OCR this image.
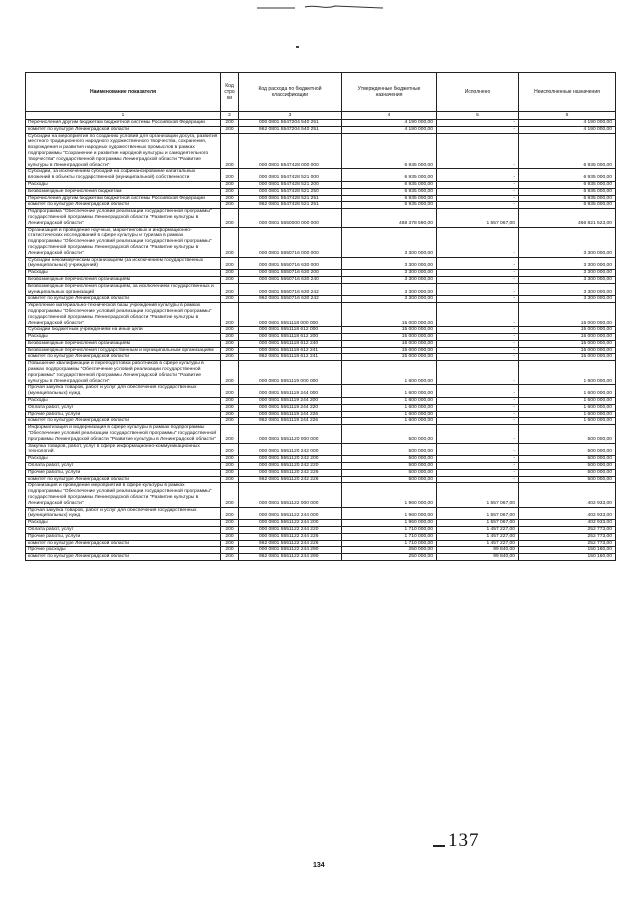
Наименование показателя	Код стро ки	Код расхода по бюджетной классификации	Утвержденные бюджетные назначения	Исполнено	Неисполненные назначения
1	2	3	4	5	6
Перечисления другим бюджетам бюджетной системы Российской Федерации	200	000 0801 5547204 540 251	4 190 000,00	-	4 190 000,00
комитет по культуре Ленинградской области	200	962 0801 5547204 540 251	4 190 000,00	-	4 190 000,00
Субсидии на мероприятия по созданию условий для организации досуга, развития местного традиционного народного художественного творчества, сохранения, возрождения и развития народных художественных промыслов в рамках подпрограммы "Сохранение и развитие народной культуры и самодеятельного творчества" государственной программы Ленинградской области "Развитие культуры в Ленинградской области"	200	000 0801 5547428 000 000	6 935 000,00	-	6 935 000,00
Субсидии, за исключением субсидий на софинансирование капитальных вложений в объекты государственной (муниципальной) собственности	200	000 0801 5547428 521 000	6 935 000,00	-	6 935 000,00
Расходы	200	000 0801 5547428 521 200	6 935 000,00	-	6 935 000,00
Безвозмездные перечисления бюджетам	200	000 0801 5547428 521 250	6 935 000,00	-	6 935 000,00
Перечисления другим бюджетам бюджетной системы Российской Федерации	200	000 0801 5547428 521 251	6 935 000,00	-	6 935 000,00
комитет по культуре Ленинградской области	200	962 0801 5547428 521 251	6 935 000,00	-	6 935 000,00
Подпрограмма "Обеспечение условий реализации государственной программы" государственной программы Ленинградской области "Развитие культуры в Ленинградской области"	200	000 0801 5550000 000 000	468 378 590,00	1 557 067,00	466 821 523,00
Организация и проведение научных, маркетинговых и информационно-статистических исследований в сфере культуры и туризма в рамках подпрограммы "Обеспечение условий реализации государственной программы" государственной программы Ленинградской области "Развитие культуры в Ленинградской области"	200	000 0801 5550716 000 000	3 300 000,00	-	3 300 000,00
Субсидии некоммерческим организациям (за исключением государственных (муниципальных) учреждений)	200	000 0801 5550716 630 000	3 300 000,00	-	3 300 000,00
Расходы	200	000 0801 5550716 630 200	3 300 000,00	-	3 300 000,00
Безвозмездные перечисления организациям	200	000 0801 5550716 630 240	3 300 000,00	-	3 300 000,00
Безвозмездные перечисления организациям, за исключением государственных и муниципальных организаций	200	000 0801 5550716 630 242	3 300 000,00	-	3 300 000,00
комитет по культуре Ленинградской области	200	962 0801 5550716 630 242	3 300 000,00	-	3 300 000,00
Укрепление материально-технической базы учреждений культуры в рамках подпрограммы "Обеспечение условий реализации государственной программы" государственной программы Ленинградской области "Развитие культуры в Ленинградской области"	200	000 0801 5551118 000 000	15 000 000,00	-	15 000 000,00
Субсидии бюджетным учреждениям на иные цели	200	000 0801 5551118 612 000	15 000 000,00	-	15 000 000,00
Расходы	200	000 0801 5551118 612 200	15 000 000,00	-	15 000 000,00
Безвозмездные перечисления организациям	200	000 0801 5551118 612 240	15 000 000,00	-	15 000 000,00
Безвозмездные перечисления государственным и муниципальным организациям	200	000 0801 5551118 612 241	15 000 000,00	-	15 000 000,00
комитет по культуре Ленинградской области	200	962 0801 5551118 612 241	15 000 000,00	-	15 000 000,00
Повышение квалификации и переподготовка работников в сфере культуры в рамках подпрограммы "Обеспечение условий реализации государственной программы" государственной программы Ленинградской области "Развитие культуры в Ленинградской области"	200	000 0801 5551119 000 000	1 600 000,00	-	1 600 000,00
Прочая закупка товаров, работ и услуг для обеспечения государственных (муниципальных) нужд	200	000 0801 5551119 244 000	1 600 000,00	-	1 600 000,00
Расходы	200	000 0801 5551119 244 200	1 600 000,00	-	1 600 000,00
Оплата работ, услуг	200	000 0801 5551119 244 220	1 600 000,00	-	1 600 000,00
Прочие работы, услуги	200	000 0801 5551119 244 226	1 600 000,00	-	1 600 000,00
комитет по культуре Ленинградской области	200	962 0801 5551119 244 226	1 600 000,00	-	1 600 000,00
Информатизация и модернизация в сфере культуры в рамках подпрограммы "Обеспечение условий реализации государственной программы" государственной программы Ленинградской области "Развитие культуры в Ленинградской области"	200	000 0801 5551120 000 000	500 000,00	-	500 000,00
Закупка товаров, работ, услуг в сфере информационно-коммуникационных технологий	200	000 0801 5551120 242 000	500 000,00	-	500 000,00
Расходы	200	000 0801 5551120 242 200	500 000,00	-	500 000,00
Оплата работ, услуг	200	000 0801 5551120 242 220	500 000,00	-	500 000,00
Прочие работы, услуги	200	000 0801 5551120 242 226	500 000,00	-	500 000,00
комитет по культуре Ленинградской области	200	962 0801 5551120 242 226	500 000,00	-	500 000,00
Организация и проведение мероприятий в сфере культуры в рамках подпрограммы "Обеспечение условий реализации государственной программы" государственной программы Ленинградской области "Развитие культуры в Ленинградской области"	200	000 0801 5551122 000 000	1 960 000,00	1 557 067,00	402 933,00
Прочая закупка товаров, работ и услуг для обеспечения государственных (муниципальных) нужд	200	000 0801 5551122 244 000	1 960 000,00	1 557 067,00	402 933,00
Расходы	200	000 0801 5551122 244 200	1 960 000,00	1 557 067,00	402 933,00
Оплата работ, услуг	200	000 0801 5551122 244 220	1 710 000,00	1 457 227,00	252 773,00
Прочие работы, услуги	200	000 0801 5551122 244 226	1 710 000,00	1 457 227,00	252 773,00
комитет по культуре Ленинградской области	200	962 0801 5551122 244 226	1 710 000,00	1 457 227,00	252 773,00
Прочие расходы	200	000 0801 5551122 244 290	250 000,00	99 840,00	150 160,00
комитет по культуре Ленинградской области	200	962 0801 5551122 244 290	250 000,00	99 840,00	150 160,00
137
134
